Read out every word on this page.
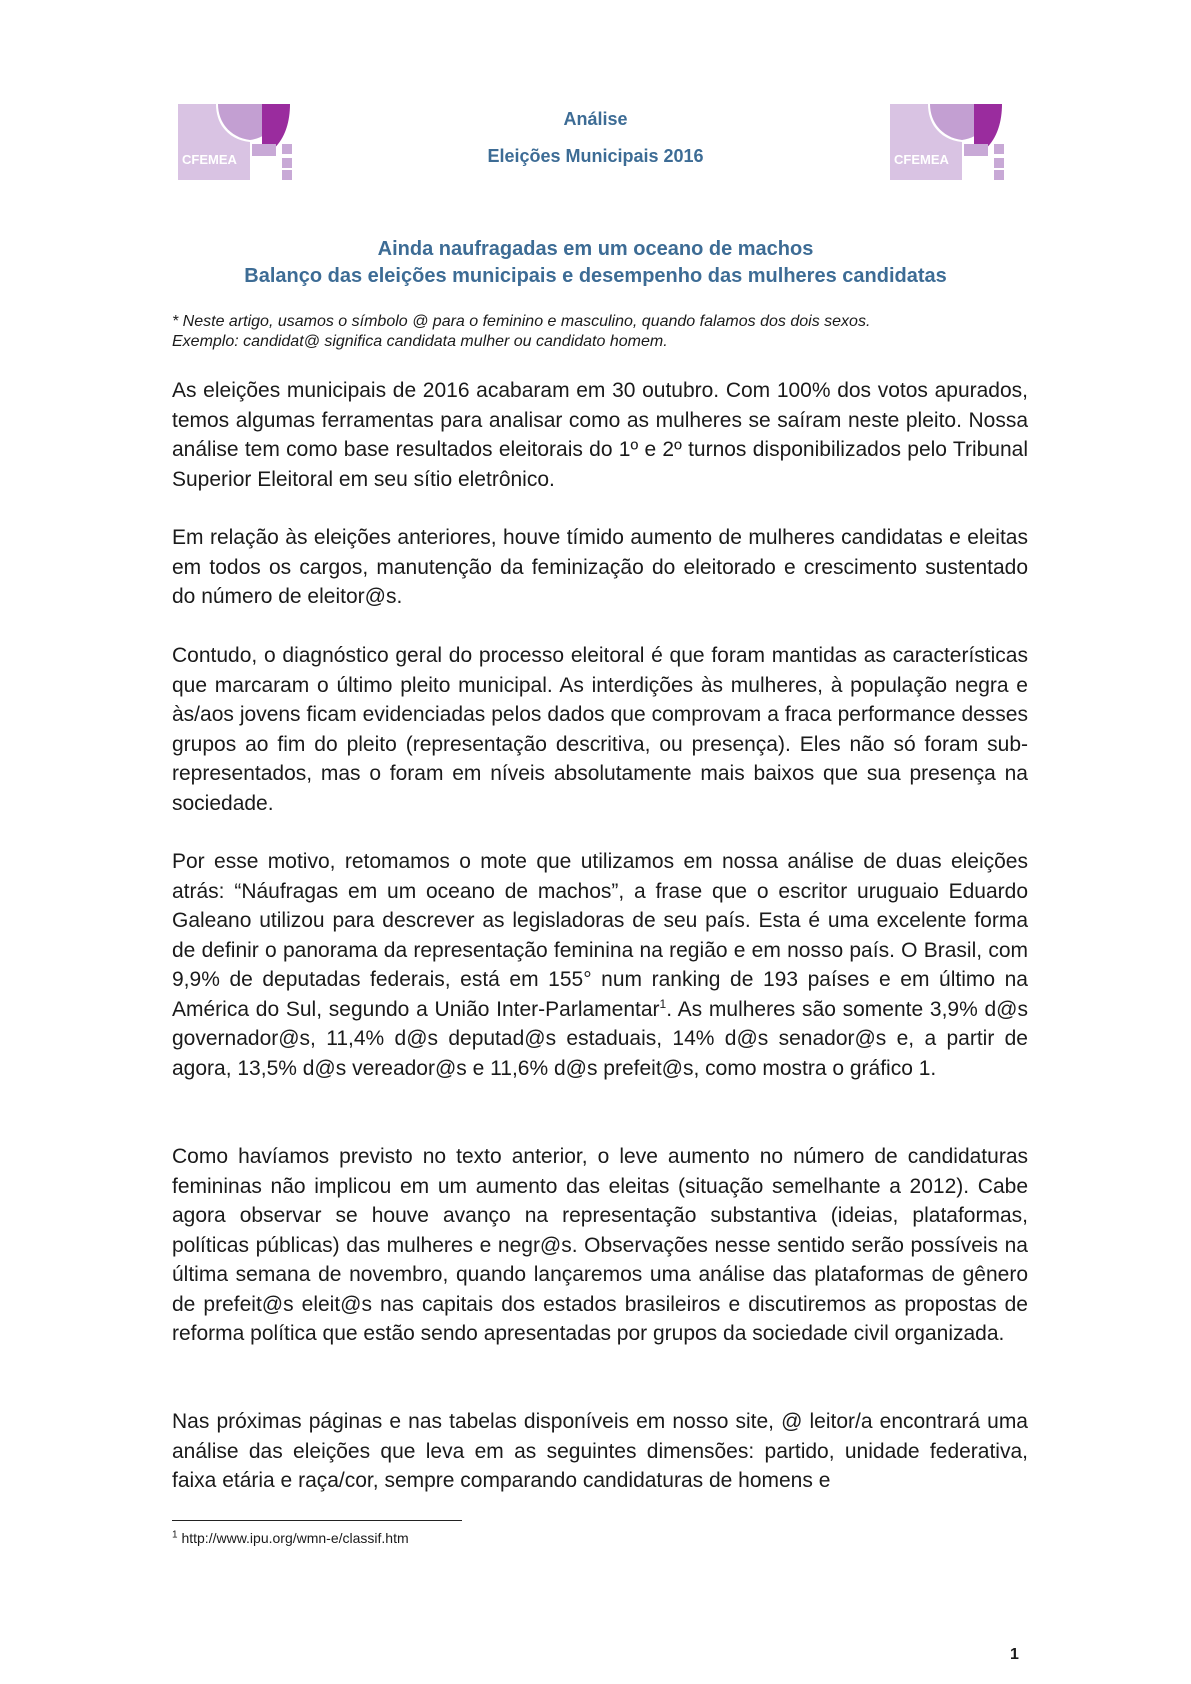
CFEMEA	CFEMEA
Análise
Eleições Municipais 2016
Ainda naufragadas em um oceano de machos
Balanço das eleições municipais e desempenho das mulheres candidatas
* Neste artigo, usamos o símbolo @ para o feminino e masculino, quando falamos dos dois sexos.
Exemplo: candidat@ significa candidata mulher ou candidato homem.

As eleições municipais de 2016 acabaram em 30 outubro. Com 100% dos votos apurados, temos algumas ferramentas para analisar como as mulheres se saíram neste pleito. Nossa análise tem como base resultados eleitorais do 1º e 2º turnos disponibilizados pelo Tribunal Superior Eleitoral em seu sítio eletrônico.

Em relação às eleições anteriores, houve tímido aumento de mulheres candidatas e eleitas em todos os cargos, manutenção da feminização do eleitorado e crescimento sustentado do número de eleitor@s.

Contudo, o diagnóstico geral do processo eleitoral é que foram mantidas as características que marcaram o último pleito municipal. As interdições às mulheres, à população negra e às/aos jovens ficam evidenciadas pelos dados que comprovam a fraca performance desses grupos ao fim do pleito (representação descritiva, ou presença). Eles não só foram sub-representados, mas o foram em níveis absolutamente mais baixos que sua presença na sociedade.

Por esse motivo, retomamos o mote que utilizamos em nossa análise de duas eleições atrás: “Náufragas em um oceano de machos”, a frase que o escritor uruguaio Eduardo Galeano utilizou para descrever as legisladoras de seu país. Esta é uma excelente forma de definir o panorama da representação feminina na região e em nosso país. O Brasil, com 9,9% de deputadas federais, está em 155° num ranking de 193 países e em último na América do Sul, segundo a União Inter-Parlamentar$^1$. As mulheres são somente 3,9% d@s governador@s, 11,4% d@s deputad@s estaduais, 14% d@s senador@s e, a partir de agora, 13,5% d@s vereador@s e 11,6% d@s prefeit@s, como mostra o gráfico 1.

Como havíamos previsto no texto anterior, o leve aumento no número de candidaturas femininas não implicou em um aumento das eleitas (situação semelhante a 2012). Cabe agora observar se houve avanço na representação substantiva (ideias, plataformas, políticas públicas) das mulheres e negr@s. Observações nesse sentido serão possíveis na última semana de novembro, quando lançaremos uma análise das plataformas de gênero de prefeit@s eleit@s nas capitais dos estados brasileiros e discutiremos as propostas de reforma política que estão sendo apresentadas por grupos da sociedade civil organizada.

Nas próximas páginas e nas tabelas disponíveis em nosso site, @ leitor/a encontrará uma análise das eleições que leva em as seguintes dimensões: partido, unidade federativa, faixa etária e raça/cor, sempre comparando candidaturas de homens e

$^1$ http://www.ipu.org/wmn-e/classif.htm
1
